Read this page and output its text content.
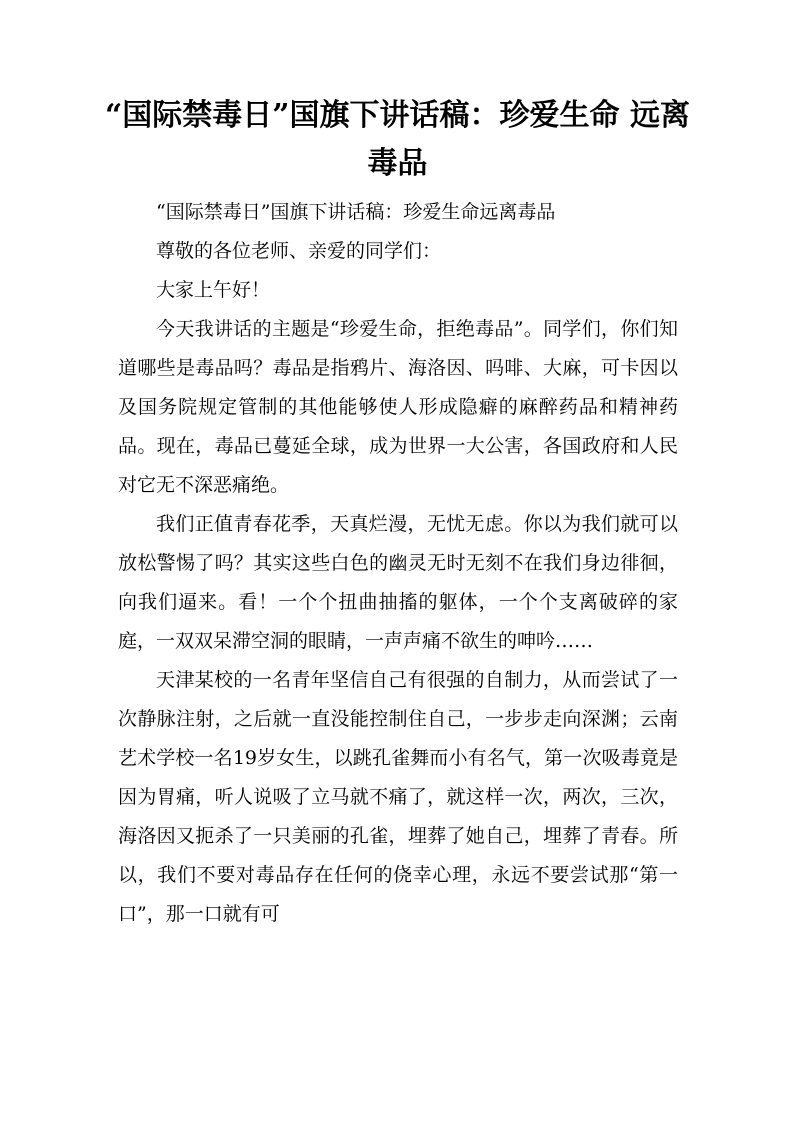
“国际禁毒日”国旗下讲话稿：珍爱生命 远离毒品

“国际禁毒日”国旗下讲话稿：珍爱生命远离毒品

尊敬的各位老师、亲爱的同学们：

大家上午好！

今天我讲话的主题是“珍爱生命，拒绝毒品”。同学们，你们知道哪些是毒品吗？毒品是指鸦片、海洛因、吗啡、大麻，可卡因以及国务院规定管制的其他能够使人形成隐癖的麻醉药品和精神药品。现在，毒品已蔓延全球，成为世界一大公害，各国政府和人民对它无不深恶痛绝。

我们正值青春花季，天真烂漫，无忧无虑。你以为我们就可以放松警惕了吗？其实这些白色的幽灵无时无刻不在我们身边徘徊，向我们逼来。看！一个个扭曲抽搐的躯体，一个个支离破碎的家庭，一双双呆滞空洞的眼睛，一声声痛不欲生的呻吟……

天津某校的一名青年坚信自己有很强的自制力，从而尝试了一次静脉注射，之后就一直没能控制住自己，一步步走向深渊；云南艺术学校一名19岁女生，以跳孔雀舞而小有名气，第一次吸毒竟是因为胃痛，听人说吸了立马就不痛了，就这样一次，两次，三次，海洛因又扼杀了一只美丽的孔雀，埋葬了她自己，埋葬了青春。所以，我们不要对毒品存在任何的侥幸心理，永远不要尝试那“第一口”，那一口就有可
